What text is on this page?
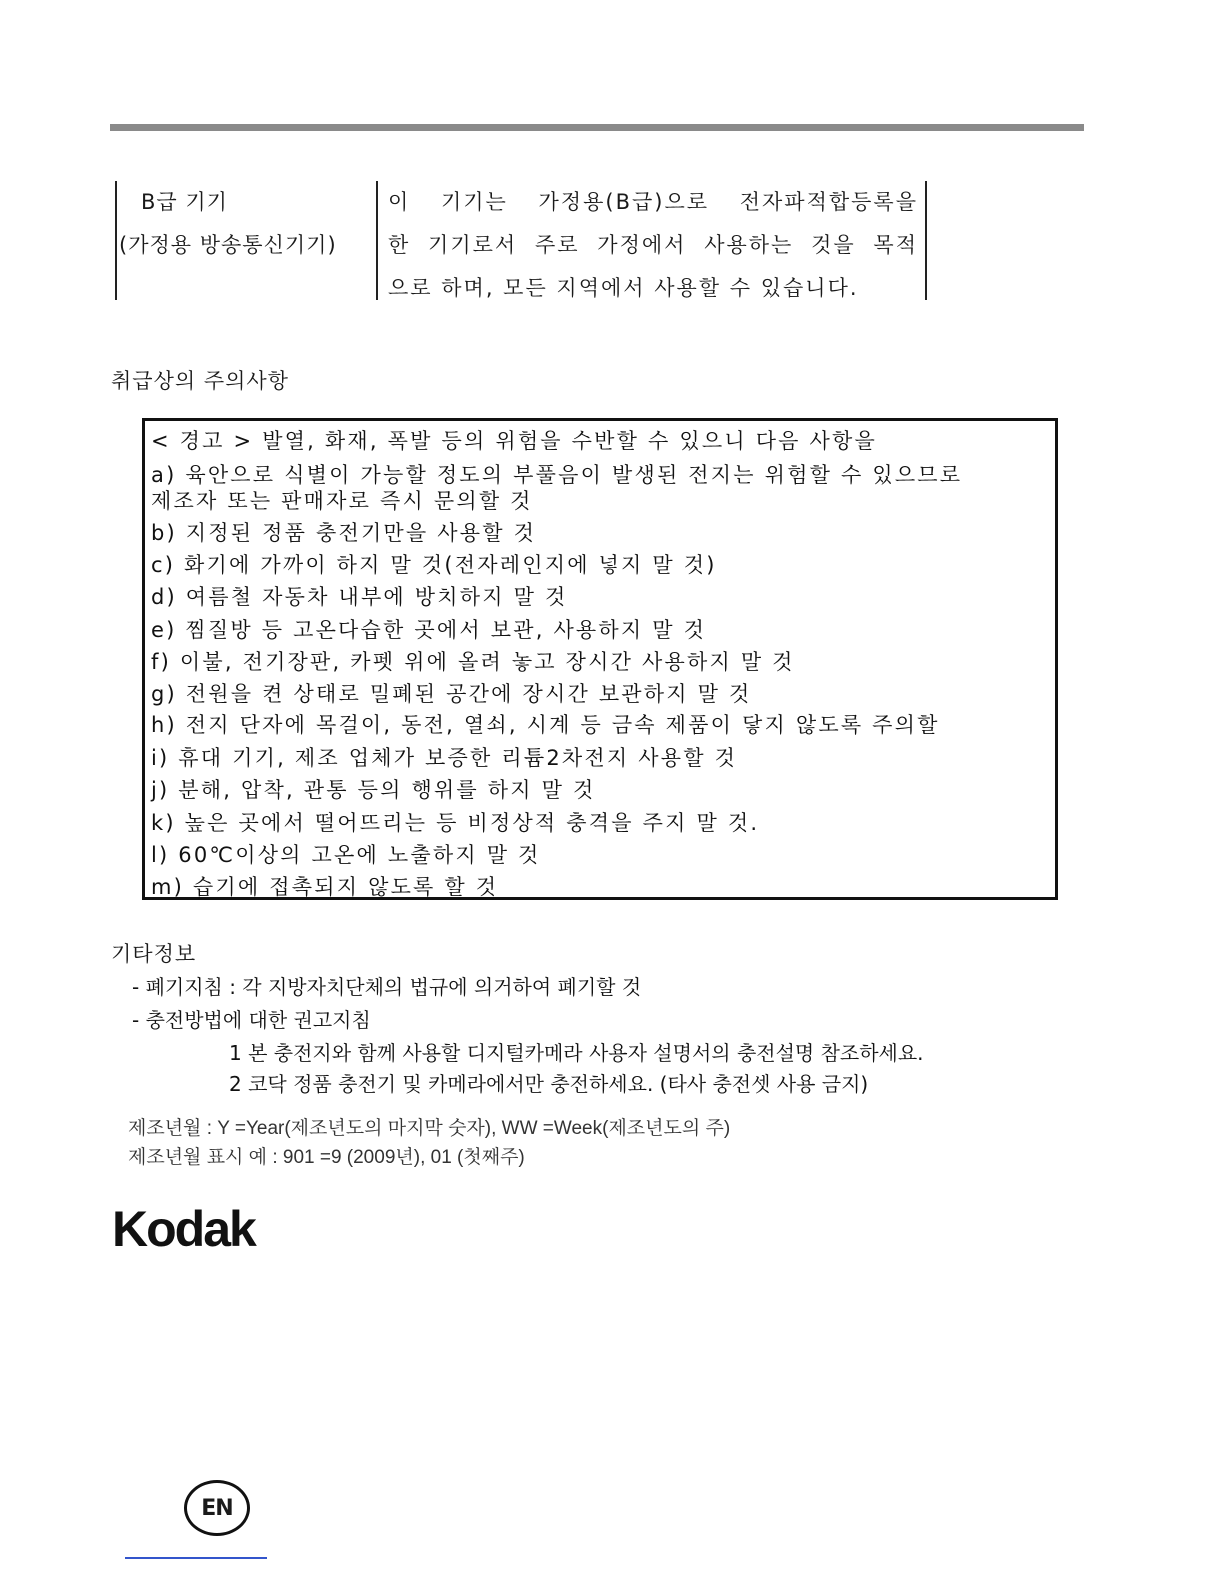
B급 기기
(가정용 방송통신기기)
이 기기는 가정용(B급)으로 전자파적합등록을
한 기기로서 주로 가정에서 사용하는 것을 목적
으로 하며, 모든 지역에서 사용할 수 있습니다.
취급상의 주의사항
< 경고 > 발열, 화재, 폭발 등의 위험을 수반할 수 있으니 다음 사항을
a) 육안으로 식별이 가능할 정도의 부풀음이 발생된 전지는 위험할 수 있으므로
제조자 또는 판매자로 즉시 문의할 것
b) 지정된 정품 충전기만을 사용할 것
c) 화기에 가까이 하지 말 것(전자레인지에 넣지 말 것)
d) 여름철 자동차 내부에 방치하지 말 것
e) 찜질방 등 고온다습한 곳에서 보관, 사용하지 말 것
f) 이불, 전기장판, 카펫 위에 올려 놓고 장시간 사용하지 말 것
g) 전원을 켠 상태로 밀폐된 공간에 장시간 보관하지 말 것
h) 전지 단자에 목걸이, 동전, 열쇠, 시계 등 금속 제품이 닿지 않도록 주의할
i) 휴대 기기, 제조 업체가 보증한 리튬2차전지 사용할 것
j) 분해, 압착, 관통 등의 행위를 하지 말 것
k) 높은 곳에서 떨어뜨리는 등 비정상적 충격을 주지 말 것.
l) 60℃이상의 고온에 노출하지 말 것
m) 습기에 접촉되지 않도록 할 것
기타정보
- 폐기지침 : 각 지방자치단체의 법규에 의거하여 폐기할 것
- 충전방법에 대한 권고지침
1 본 충전지와 함께 사용할 디지털카메라 사용자 설명서의 충전설명 참조하세요.
2 코닥 정품 충전기 및 카메라에서만 충전하세요. (타사 충전셋 사용 금지)
제조년월 : Y =Year(제조년도의 마지막 숫자), WW =Week(제조년도의 주)
제조년월 표시 예 : 901 =9 (2009년), 01 (첫째주)
Kodak
EN
